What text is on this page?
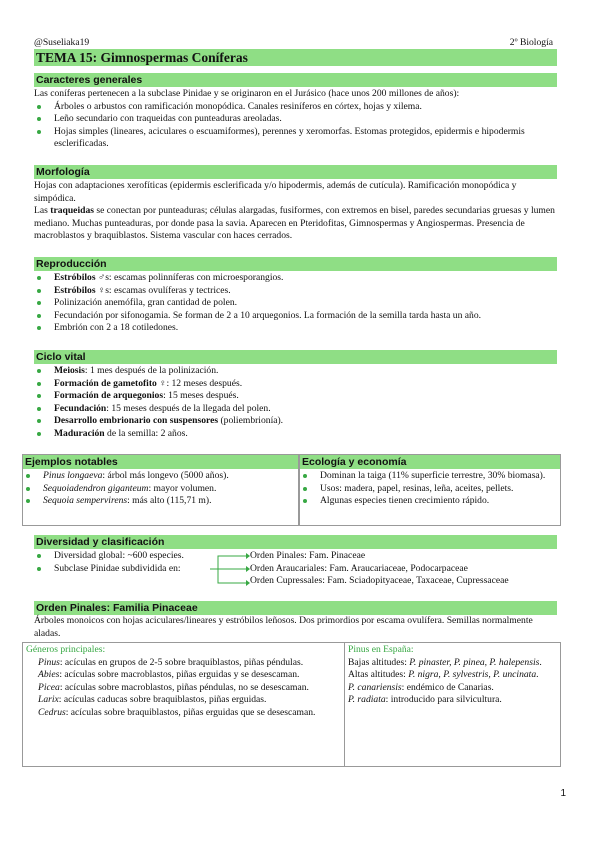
@Suseliaka19	2º Biología
TEMA 15: Gimnospermas Coníferas
Caracteres generales

Las coníferas pertenecen a la subclase Pinidae y se originaron en el Jurásico (hace unos 200 millones de años):

Árboles o arbustos con ramificación monopódica. Canales resiníferos en córtex, hojas y xilema.
Leño secundario con traqueidas con punteaduras areoladas.
Hojas simples (lineares, aciculares o escuamiformes), perennes y xeromorfas. Estomas protegidos, epidermis e hipodermis esclerificadas.
Morfología

Hojas con adaptaciones xerofíticas (epidermis esclerificada y/o hipodermis, además de cutícula). Ramificación monopódica y simpódica.

Las traqueidas se conectan por punteaduras; células alargadas, fusiformes, con extremos en bisel, paredes secundarias gruesas y lumen mediano. Muchas punteaduras, por donde pasa la savia. Aparecen en Pteridofitas, Gimnospermas y Angiospermas. Presencia de macroblastos y braquiblastos. Sistema vascular con haces cerrados.

Reproducción
Estróbilos ♂s: escamas polinníferas con microesporangios.
Estróbilos ♀s: escamas ovulíferas y tectrices.
Polinización anemófila, gran cantidad de polen.
Fecundación por sifonogamia. Se forman de 2 a 10 arquegonios. La formación de la semilla tarda hasta un año.
Embrión con 2 a 18 cotiledones.
Ciclo vital
Meiosis: 1 mes después de la polinización.
Formación de gametofito ♀: 12 meses después.
Formación de arquegonios: 15 meses después.
Fecundación: 15 meses después de la llegada del polen.
Desarrollo embrionario con suspensores (poliembrionía).
Maduración de la semilla: 2 años.
Ejemplos notables
Pinus longaeva: árbol más longevo (5000 años).
Sequoiadendron giganteum: mayor volumen.
Sequoia sempervirens: más alto (115,71 m).
Ecología y economía
Dominan la taiga (11% superficie terrestre, 30% biomasa).
Usos: madera, papel, resinas, leña, aceites, pellets.
Algunas especies tienen crecimiento rápido.
Diversidad y clasificación
Diversidad global: ~600 especies.
Subclase Pinidae subdividida en:
Orden Pinales: Fam. Pinaceae
Orden Araucariales: Fam. Araucariaceae, Podocarpaceae
Orden Cupressales: Fam. Sciadopityaceae, Taxaceae, Cupressaceae
Orden Pinales: Familia Pinaceae
Árboles monoicos con hojas aciculares/lineares y estróbilos leñosos. Dos primordios por escama ovulífera. Semillas normalmente aladas.
Géneros principales:
Pinus: acículas en grupos de 2-5 sobre braquiblastos, piñas péndulas.
Abies: acículas sobre macroblastos, piñas erguidas y se desescaman.
Picea: acículas sobre macroblastos, piñas péndulas, no se desescaman.
Larix: acículas caducas sobre braquiblastos, piñas erguidas.
Cedrus: acículas sobre braquiblastos, piñas erguidas que se desescaman.
Pinus en España:
Bajas altitudes: P. pinaster, P. pinea, P. halepensis.
Altas altitudes: P. nigra, P. sylvestris, P. uncinata.
P. canariensis: endémico de Canarias.
P. radiata: introducido para silvicultura.
1
